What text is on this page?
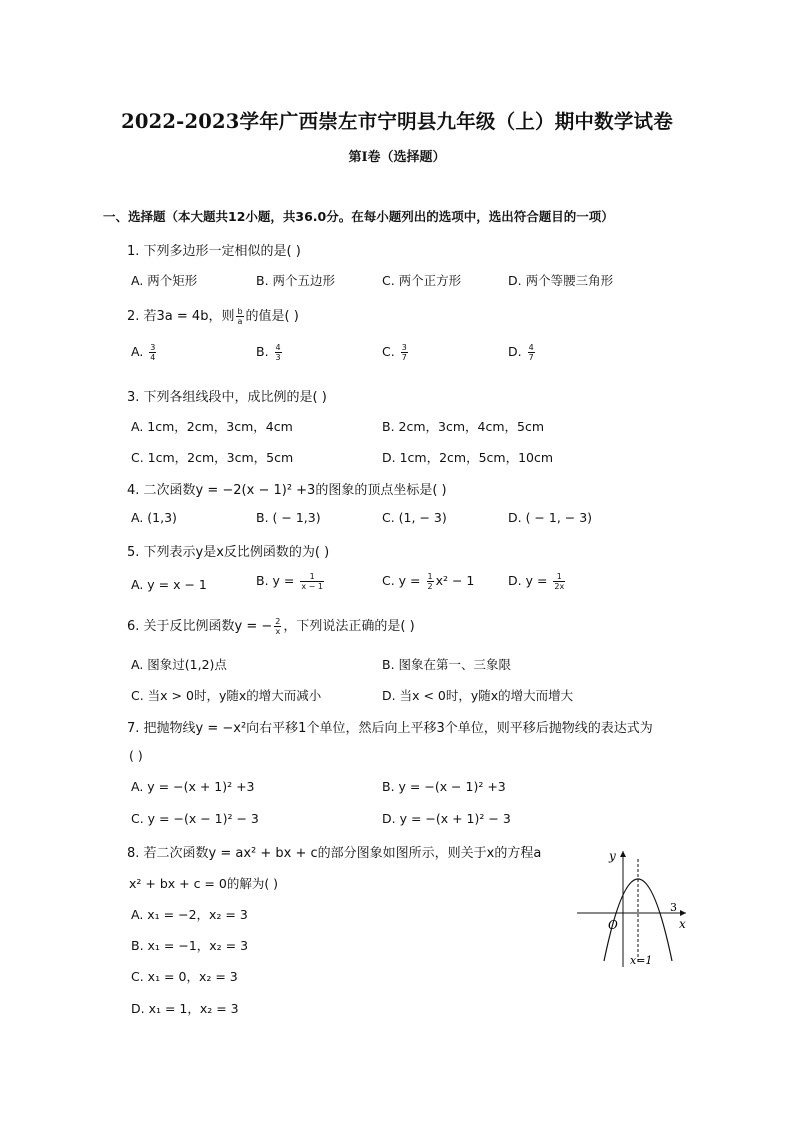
2022-2023学年广西崇左市宁明县九年级（上）期中数学试卷
第I卷（选择题）
一、选择题（本大题共12小题，共36.0分。在每小题列出的选项中，选出符合题目的一项）
1. 下列多边形一定相似的是( )
A. 两个矩形	B. 两个五边形	C. 两个正方形	D. 两个等腰三角形
2. 若3a = 4b，则 $\frac{b}{a}$ 的值是( )
A. $\frac{3}{4}$	B. $\frac{4}{3}$	C. $\frac{3}{7}$	D. $\frac{4}{7}$
3. 下列各组线段中，成比例的是( )
A. 1cm，2cm，3cm，4cm	B. 2cm，3cm，4cm，5cm
C. 1cm，2cm，3cm，5cm	D. 1cm，2cm，5cm，10cm
4. 二次函数y = −2(x − 1)² +3的图象的顶点坐标是( )
A. (1,3)	B. ( − 1,3)	C. (1, − 3)	D. ( − 1, − 3)
5. 下列表示y是x反比例函数的为( )
A. y = x − 1	B. $y = \frac{1}{x - 1}$	C. $y = \frac{1}{2} x^2 - 1$	D. $y = \frac{1}{2x}$
6. 关于反比例函数y = − $\frac{2}{x}$ ，下列说法正确的是( )
A. 图象过(1,2)点	B. 图象在第一、三象限
C. 当x > 0时，y随x的增大而减小	D. 当x < 0时，y随x的增大而增大
7. 把抛物线y = −x²向右平移1个单位，然后向上平移3个单位，则平移后抛物线的表达式为
( )
A. y = −(x + 1)² +3	B. y = −(x − 1)² +3
C. y = −(x − 1)² − 3	D. y = −(x + 1)² − 3
8. 若二次函数y = ax² + bx + c的部分图象如图所示，则关于x的方程a
x² + bx + c = 0的解为( )
A. x₁ = −2，x₂ = 3
B. x₁ = −1，x₂ = 3
C. x₁ = 0，x₂ = 3
D. x₁ = 1，x₂ = 3
y
x
O
3
x=1
